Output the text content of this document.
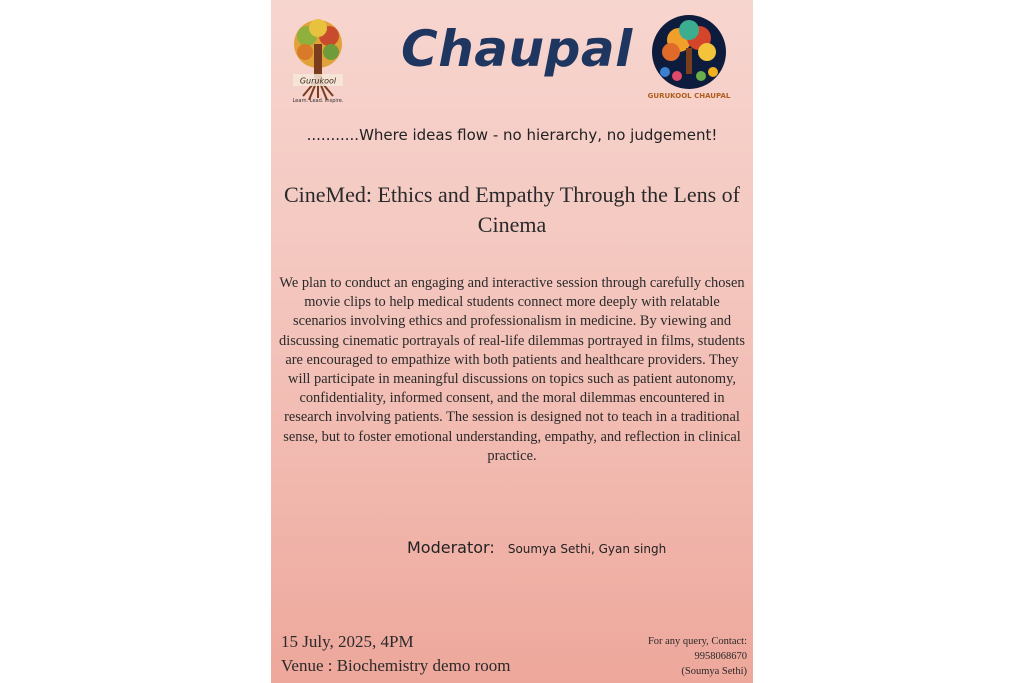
Gurukool
Learn. Lead. Inspire.
Chaupal
GURUKOOL CHAUPAL
...........Where ideas flow - no hierarchy, no judgement!
CineMed: Ethics and Empathy Through the Lens of Cinema
We plan to conduct an engaging and interactive session through carefully chosen movie clips to help medical students connect more deeply with relatable scenarios involving ethics and professionalism in medicine. By viewing and discussing cinematic portrayals of real-life dilemmas portrayed in films, students are encouraged to empathize with both patients and healthcare providers. They will participate in meaningful discussions on topics such as patient autonomy, confidentiality, informed consent, and the moral dilemmas encountered in research involving patients. The session is designed not to teach in a traditional sense, but to foster emotional understanding, empathy, and reflection in clinical practice.
Moderator: Soumya Sethi, Gyan singh
15 July, 2025, 4PM
Venue : Biochemistry demo room
For any query, Contact:
9958068670
(Soumya Sethi)
